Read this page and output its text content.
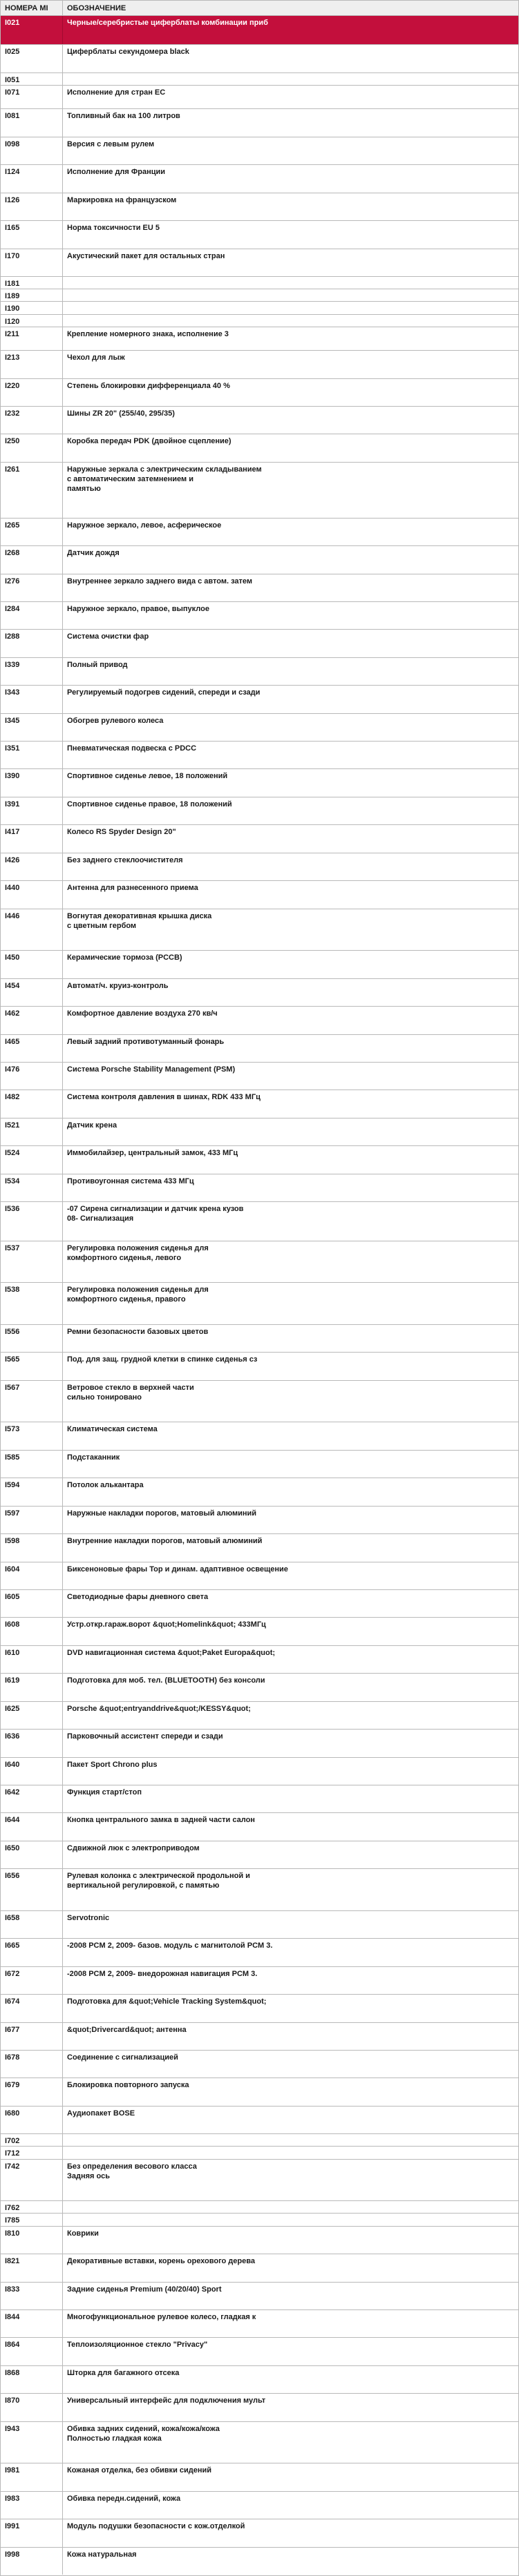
НОМЕРА MI	ОБОЗНАЧЕНИЕ
I021	Черные/серебристые циферблаты комбинации приб
I025	Циферблаты секундомера black
I051
I071	Исполнение для стран ЕС
I081	Топливный бак на 100 литров
I098	Версия с левым рулем
I124	Исполнение для Франции
I126	Маркировка на французском
I165	Норма токсичности EU 5
I170	Акустический пакет для остальных стран
I181
I189
I190
I120
I211	Крепление номерного знака, исполнение 3
I213	Чехол для лыж
I220	Степень блокировки дифференциала 40 %
I232	Шины ZR 20" (255/40, 295/35)
I250	Коробка передач PDK (двойное сцепление)
I261	Наружные зеркала с электрическим складыванием
с автоматическим затемнением и
памятью
I265	Наружное зеркало, левое, асферическое
I268	Датчик дождя
I276	Внутреннее зеркало заднего вида с автом. затем
I284	Наружное зеркало, правое, выпуклое
I288	Система очистки фар
I339	Полный привод
I343	Регулируемый подогрев сидений, спереди и сзади
I345	Обогрев рулевого колеса
I351	Пневматическая подвеска с PDCC
I390	Спортивное сиденье левое, 18 положений
I391	Спортивное сиденье правое, 18 положений
I417	Колесо RS Spyder Design 20"
I426	Без заднего стеклоочистителя
I440	Антенна для разнесенного приема
I446	Вогнутая декоративная крышка диска
с цветным гербом
I450	Керамические тормоза (PCCB)
I454	Автомат/ч. круиз-контроль
I462	Комфортное давление воздуха 270 кв/ч
I465	Левый задний противотуманный фонарь
I476	Система Porsche Stability Management (PSM)
I482	Система контроля давления в шинах, RDK 433 МГц
I521	Датчик крена
I524	Иммобилайзер, центральный замок, 433 МГц
I534	Противоугонная система 433 МГц
I536	-07 Сирена сигнализации и датчик крена кузов
08- Сигнализация
I537	Регулировка положения сиденья для
комфортного сиденья, левого
I538	Регулировка положения сиденья для
комфортного сиденья, правого
I556	Ремни безопасности базовых цветов
I565	Под. для защ. грудной клетки в спинке сиденья сз
I567	Ветровое стекло в верхней части
сильно тонировано
I573	Климатическая система
I585	Подстаканник
I594	Потолок алькантара
I597	Наружные накладки порогов, матовый алюминий
I598	Внутренние накладки порогов, матовый алюминий
I604	Биксеноновые фары Top и динам. адаптивное освещение
I605	Светодиодные фары дневного света
I608	Устр.откр.гараж.ворот &quot;Homelink&quot; 433МГц
I610	DVD навигационная система &quot;Paket Europa&quot;
I619	Подготовка для моб. тел. (BLUETOOTH) без консоли
I625	Porsche &quot;entryanddrive&quot;/KESSY&quot;
I636	Парковочный ассистент спереди и сзади
I640	Пакет Sport Chrono plus
I642	Функция старт/стоп
I644	Кнопка центрального замка в задней части салон
I650	Сдвижной люк с электроприводом
I656	Рулевая колонка с электрической продольной и
вертикальной регулировкой, с памятью
I658	Servotronic
I665	-2008 PCM 2, 2009- базов. модуль с магнитолой PCM 3.
I672	-2008 PCM 2, 2009- внедорожная навигация PCM 3.
I674	Подготовка для &quot;Vehicle Tracking System&quot;
I677	&quot;Drivercard&quot; антенна
I678	Соединение с сигнализацией
I679	Блокировка повторного запуска
I680	Аудиопакет BOSE
I702
I712
I742	Без определения весового класса
Задняя ось
I762
I785
I810	Коврики
I821	Декоративные вставки, корень орехового дерева
I833	Задние сиденья Premium (40/20/40) Sport
I844	Многофункциональное рулевое колесо, гладкая к
I864	Теплоизоляционное стекло "Privacy"
I868	Шторка для багажного отсека
I870	Универсальный интерфейс для подключения мульт
I943	Обивка задних сидений, кожа/кожа/кожа
Полностью гладкая кожа
I981	Кожаная отделка, без обивки сидений
I983	Обивка передн.сидений, кожа
I991	Модуль подушки безопасности с кож.отделкой
I998	Кожа натуральная
